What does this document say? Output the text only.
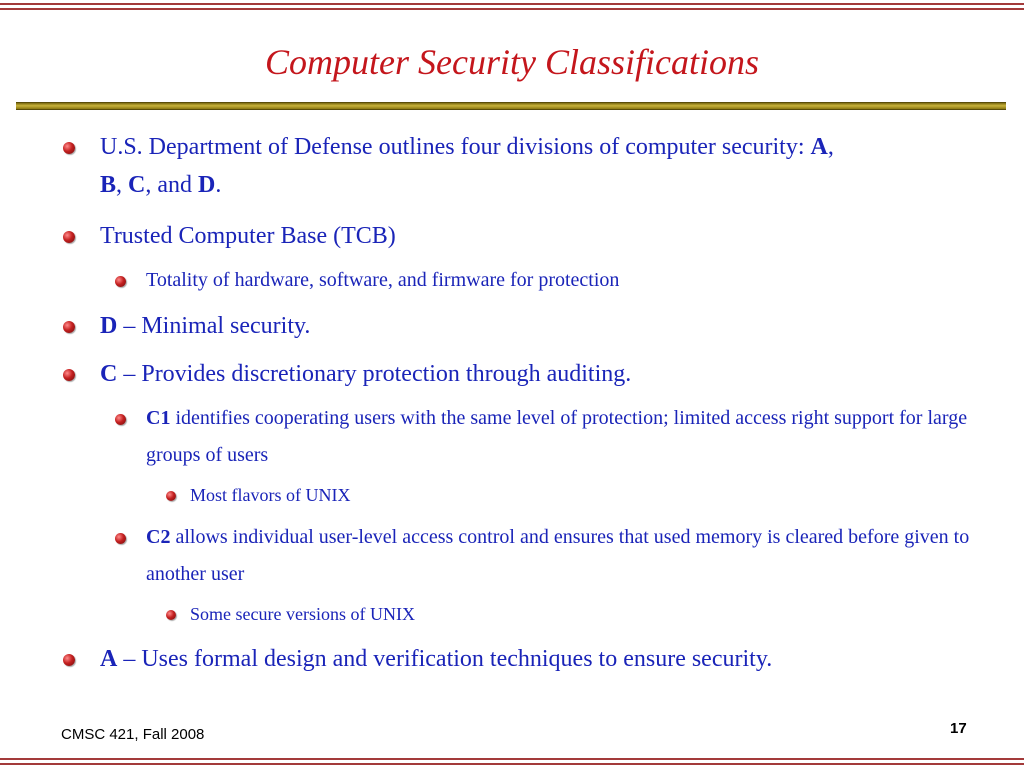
Computer Security Classifications
U.S. Department of Defense outlines four divisions of computer security: A,
B, C, and D.
Trusted Computer Base (TCB)
Totality of hardware, software, and firmware for protection
D – Minimal security.
C – Provides discretionary protection through auditing.
C1 identifies cooperating users with the same level of protection; limited access right support for large groups of users
Most flavors of UNIX
C2 allows individual user-level access control and ensures that used memory is cleared before given to another user
Some secure versions of UNIX
A – Uses formal design and verification techniques to ensure security.
CMSC 421, Fall 2008	17
